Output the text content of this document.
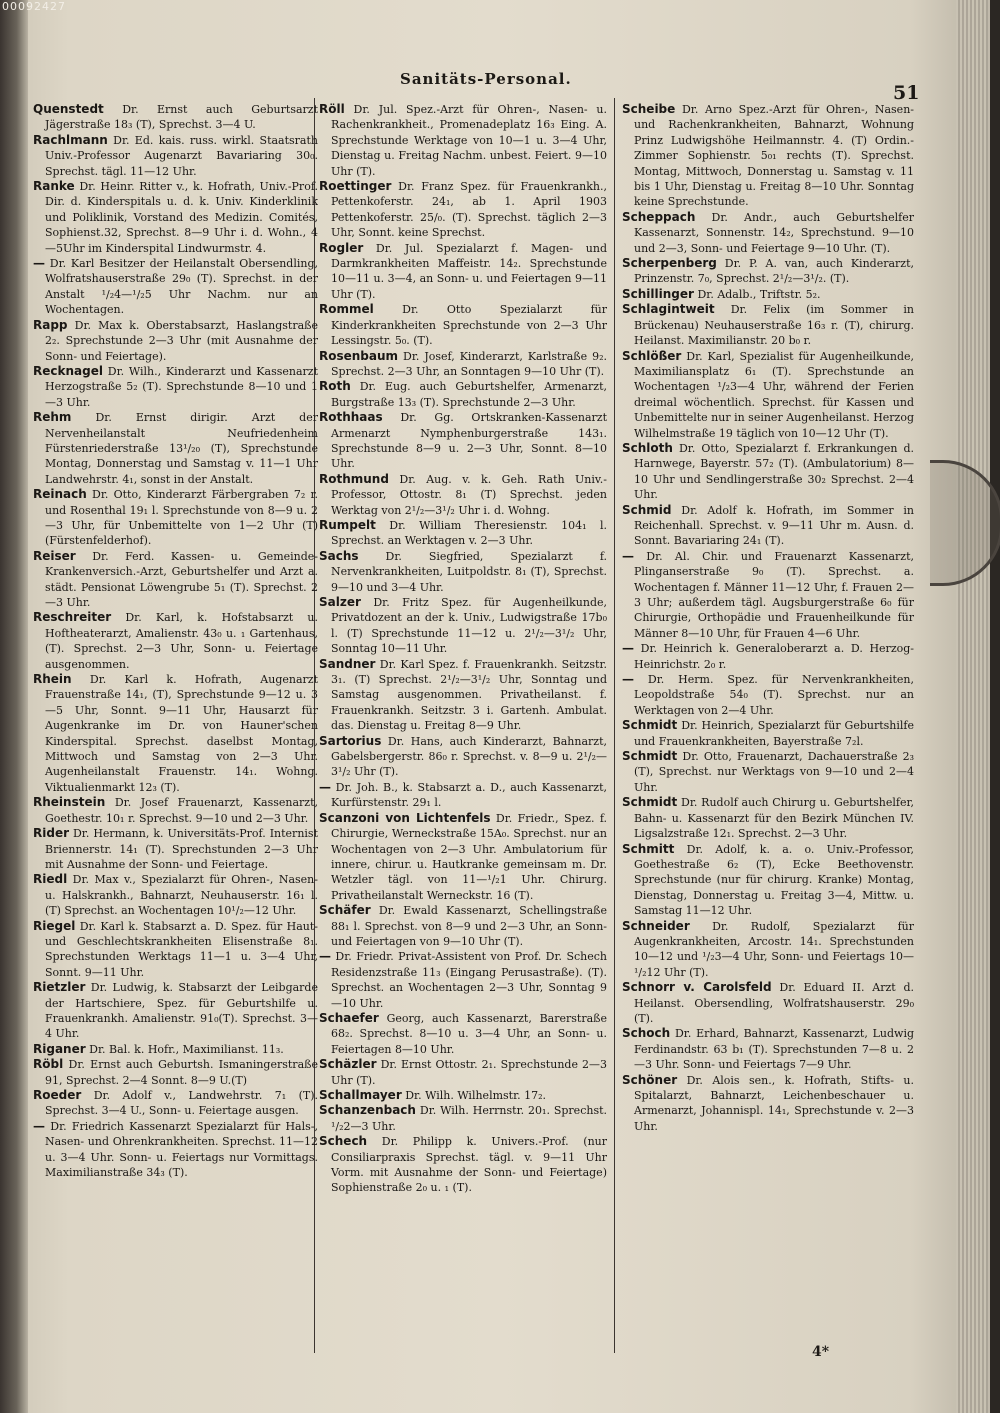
00092427
Sanitäts-Personal.
51
Quenstedt Dr. Ernst auch Geburtsarzt Jägerstraße 18₃ (T), Sprechst. 3—4 U.
Rachlmann Dr. Ed. kais. russ. wirkl. Staatsrath Univ.-Professor Augenarzt Bavariaring 30₀. Sprechst. tägl. 11—12 Uhr.
Ranke Dr. Heinr. Ritter v., k. Hofrath, Univ.-Prof. Dir. d. Kinderspitals u. d. k. Univ. Kinderklinik und Poliklinik, Vorstand des Medizin. Comités, Sophienst.32, Sprechst. 8—9 Uhr i. d. Wohn., 4—5Uhr im Kinderspital Lindwurmstr. 4.
— Dr. Karl Besitzer der Heilanstalt Obersendling, Wolfratshauserstraße 29₀ (T). Sprechst. in der Anstalt ¹/₂4—¹/₂5 Uhr Nachm. nur an Wochentagen.
Rapp Dr. Max k. Oberstabsarzt, Haslangstraße 2₂. Sprechstunde 2—3 Uhr (mit Ausnahme der Sonn- und Feiertage).
Recknagel Dr. Wilh., Kinderarzt und Kassenarzt Herzogstraße 5₂ (T). Sprechstunde 8—10 und 1—3 Uhr.
Rehm Dr. Ernst dirigir. Arzt der Nervenheilanstalt Neufriedenheim Fürstenriederstraße 13¹/₂₀ (T), Sprechstunde Montag, Donnerstag und Samstag v. 11—1 Uhr Landwehrstr. 4₁, sonst in der Anstalt.
Reinach Dr. Otto, Kinderarzt Färbergraben 7₂ r. und Rosenthal 19₁ l. Sprechstunde von 8—9 u. 2—3 Uhr, für Unbemittelte von 1—2 Uhr (T) (Fürstenfelderhof).
Reiser Dr. Ferd. Kassen- u. Gemeinde-Krankenversich.-Arzt, Geburtshelfer und Arzt a. städt. Pensionat Löwengrube 5₁ (T). Sprechst. 2—3 Uhr.
Reschreiter Dr. Karl, k. Hofstabsarzt u. Hoftheaterarzt, Amalienstr. 43₀ u. ₁ Gartenhaus, (T). Sprechst. 2—3 Uhr, Sonn- u. Feiertage ausgenommen.
Rhein Dr. Karl k. Hofrath, Augenarzt Frauenstraße 14₁, (T), Sprechstunde 9—12 u. 3—5 Uhr, Sonnt. 9—11 Uhr, Hausarzt für Augenkranke im Dr. von Hauner'schen Kinderspital. Sprechst. daselbst Montag, Mittwoch und Samstag von 2—3 Uhr. Augenheilanstalt Frauenstr. 14₁. Wohng. Viktualienmarkt 12₃ (T).
Rheinstein Dr. Josef Frauenarzt, Kassenarzt, Goethestr. 10₁ r. Sprechst. 9—10 und 2—3 Uhr.
Ri̇der Dr. Hermann, k. Universitäts-Prof. Internist Briennerstr. 14₁ (T). Sprechstunden 2—3 Uhr mit Ausnahme der Sonn- und Feiertage.
Riedl Dr. Max v., Spezialarzt für Ohren-, Nasen- u. Halskrankh., Bahnarzt, Neuhauserstr. 16₁ l. (T) Sprechst. an Wochentagen 10¹/₂—12 Uhr.
Riegel Dr. Karl k. Stabsarzt a. D. Spez. für Haut- und Geschlechtskrankheiten Elisenstraße 8₁. Sprechstunden Werktags 11—1 u. 3—4 Uhr, Sonnt. 9—11 Uhr.
Rietzler Dr. Ludwig, k. Stabsarzt der Leibgarde der Hartschiere, Spez. für Geburtshilfe u. Frauenkrankh. Amalienstr. 91₀(T). Sprechst. 3—4 Uhr.
Riganer Dr. Bal. k. Hofr., Maximilianst. 11₃.
Röbl Dr. Ernst auch Geburtsh. Ismaningerstraße 91, Sprechst. 2—4 Sonnt. 8—9 U.(T)
Roeder Dr. Adolf v., Landwehrstr. 7₁ (T). Sprechst. 3—4 U., Sonn- u. Feiertage ausgen.
— Dr. Friedrich Kassenarzt Spezialarzt für Hals-, Nasen- und Ohrenkrankheiten. Sprechst. 11—12 u. 3—4 Uhr. Sonn- u. Feiertags nur Vormittags. Maximilianstraße 34₃ (T).
Röll Dr. Jul. Spez.-Arzt für Ohren-, Nasen- u. Rachenkrankheit., Promenadeplatz 16₃ Eing. A. Sprechstunde Werktage von 10—1 u. 3—4 Uhr, Dienstag u. Freitag Nachm. unbest. Feiert. 9—10 Uhr (T).
Roettinger Dr. Franz Spez. für Frauenkrankh., Pettenkoferstr. 24₁, ab 1. April 1903 Pettenkoferstr. 25/₀. (T). Sprechst. täglich 2—3 Uhr, Sonnt. keine Sprechst.
Rogler Dr. Jul. Spezialarzt f. Magen- und Darmkrankheiten Maffeistr. 14₂. Sprechstunde 10—11 u. 3—4, an Sonn- u. und Feiertagen 9—11 Uhr (T).
Rommel	Dr. Otto Spezialarzt für Kinderkrankheiten Sprechstunde von 2—3 Uhr Lessingstr. 5₀. (T).
Rosenbaum Dr. Josef, Kinderarzt, Karlstraße 9₂. Sprechst. 2—3 Uhr, an Sonntagen 9—10 Uhr (T).
Roth Dr. Eug. auch Geburtshelfer, Armenarzt, Burgstraße 13₃ (T). Sprechstunde 2—3 Uhr.
Rothhaas Dr. Gg. Ortskranken-Kassenarzt Armenarzt Nymphenburgerstraße 143₁. Sprechstunde 8—9 u. 2—3 Uhr, Sonnt. 8—10 Uhr.
Rothmund Dr. Aug. v. k. Geh. Rath Univ.-Professor, Ottostr. 8₁ (T) Sprechst. jeden Werktag von 2¹/₂—3¹/₂ Uhr i. d. Wohng.
Rumpelt Dr. William Theresienstr. 104₁ l. Sprechst. an Werktagen v. 2—3 Uhr.
Sachs Dr. Siegfried, Spezialarzt f. Nervenkrankheiten, Luitpoldstr. 8₁ (T), Sprechst. 9—10 und 3—4 Uhr.
Salzer Dr. Fritz Spez. für Augenheilkunde, Privatdozent an der k. Univ., Ludwigstraße 17b₀ l. (T) Sprechstunde 11—12 u. 2¹/₂—3¹/₂ Uhr, Sonntag 10—11 Uhr.
Sandner Dr. Karl Spez. f. Frauenkrankh. Seitzstr. 3₁. (T) Sprechst. 2¹/₂—3¹/₂ Uhr, Sonntag und Samstag ausgenommen. Privatheilanst. f. Frauenkrankh. Seitzstr. 3 i. Gartenh. Ambulat. das. Dienstag u. Freitag 8—9 Uhr.
Sartorius Dr. Hans, auch Kinderarzt, Bahnarzt, Gabelsbergerstr. 86₀ r. Sprechst. v. 8—9 u. 2¹/₂—3¹/₂ Uhr (T).
— Dr. Joh. B., k. Stabsarzt a. D., auch Kassenarzt, Kurfürstenstr. 29₁ l.
Scanzoni von Lichtenfels Dr. Friedr., Spez. f. Chirurgie, Werneckstraße 15A₀. Sprechst. nur an Wochentagen von 2—3 Uhr. Ambulatorium für innere, chirur. u. Hautkranke gemeinsam m. Dr. Wetzler tägl. von 11—¹/₂1 Uhr. Chirurg. Privatheilanstalt Werneckstr. 16 (T).
Schäfer Dr. Ewald Kassenarzt, Schellingstraße 88₁ l. Sprechst. von 8—9 und 2—3 Uhr, an Sonn- und Feiertagen von 9—10 Uhr (T).
— Dr. Friedr. Privat-Assistent von Prof. Dr. Schech Residenzstraße 11₃ (Eingang Perusastraße). (T). Sprechst. an Wochentagen 2—3 Uhr, Sonntag 9—10 Uhr.
Schaefer Georg, auch Kassenarzt, Barerstraße 68₂. Sprechst. 8—10 u. 3—4 Uhr, an Sonn- u. Feiertagen 8—10 Uhr.
Schäzler Dr. Ernst Ottostr. 2₁. Sprechstunde 2—3 Uhr (T).
Schallmayer Dr. Wilh. Wilhelmstr. 17₂.
Schanzenbach Dr. Wilh. Herrnstr. 20₁. Sprechst. ¹/₂2—3 Uhr.
Schech Dr. Philipp k. Univers.-Prof. (nur Consiliarpraxis Sprechst. tägl. v. 9—11 Uhr Vorm. mit Ausnahme der Sonn- und Feiertage) Sophienstraße 2₀ u. ₁ (T).
Scheibe Dr. Arno Spez.-Arzt für Ohren-, Nasen- und Rachenkrankheiten, Bahnarzt, Wohnung Prinz Ludwigshöhe Heilmannstr. 4. (T) Ordin.-Zimmer Sophienstr. 5₀₁ rechts (T). Sprechst. Montag, Mittwoch, Donnerstag u. Samstag v. 11 bis 1 Uhr, Dienstag u. Freitag 8—10 Uhr. Sonntag keine Sprechstunde.
Scheppach Dr. Andr., auch Geburtshelfer Kassenarzt, Sonnenstr. 14₂, Sprechstund. 9—10 und 2—3, Sonn- und Feiertage 9—10 Uhr. (T).
Scherpenberg Dr. P. A. van, auch Kinderarzt, Prinzenstr. 7₀, Sprechst. 2¹/₂—3¹/₂. (T).
Schillinger Dr. Adalb., Triftstr. 5₂.
Schlagintweit Dr. Felix (im Sommer in Brückenau) Neuhauserstraße 16₃ r. (T), chirurg. Heilanst. Maximilianstr. 20 b₀ r.
Schlößer Dr. Karl, Spezialist für Augenheilkunde, Maximiliansplatz 6₁ (T). Sprechstunde an Wochentagen ¹/₂3—4 Uhr, während der Ferien dreimal wöchentlich. Sprechst. für Kassen und Unbemittelte nur in seiner Augenheilanst. Herzog Wilhelmstraße 19 täglich von 10—12 Uhr (T).
Schloth Dr. Otto, Spezialarzt f. Erkrankungen d. Harnwege, Bayerstr. 57₂ (T). (Ambulatorium) 8—10 Uhr und Sendlingerstraße 30₂ Sprechst. 2—4 Uhr.
Schmid Dr. Adolf k. Hofrath, im Sommer in Reichenhall. Sprechst. v. 9—11 Uhr m. Ausn. d. Sonnt. Bavariaring 24₁ (T).
— Dr. Al. Chir. und Frauenarzt Kassenarzt, Plinganserstraße 9₀ (T). Sprechst. a. Wochentagen f. Männer 11—12 Uhr, f. Frauen 2—3 Uhr; außerdem tägl. Augsburgerstraße 6₀ für Chirurgie, Orthopädie und Frauenheilkunde für Männer 8—10 Uhr, für Frauen 4—6 Uhr.
— Dr. Heinrich k. Generaloberarzt a. D. Herzog-Heinrichstr. 2₀ r.
— Dr. Herm. Spez. für Nervenkrankheiten, Leopoldstraße 54₀ (T). Sprechst. nur an Werktagen von 2—4 Uhr.
Schmidt Dr. Heinrich, Spezialarzt für Geburtshilfe und Frauenkrankheiten, Bayerstraße 7₂l.
Schmidt Dr. Otto, Frauenarzt, Dachauerstraße 2₃ (T), Sprechst. nur Werktags von 9—10 und 2—4 Uhr.
Schmidt Dr. Rudolf auch Chirurg u. Geburtshelfer, Bahn- u. Kassenarzt für den Bezirk München IV. Ligsalzstraße 12₁. Sprechst. 2—3 Uhr.
Schmitt Dr. Adolf, k. a. o. Univ.-Professor, Goethestraße 6₂ (T), Ecke Beethovenstr. Sprechstunde (nur für chirurg. Kranke) Montag, Dienstag, Donnerstag u. Freitag 3—4, Mittw. u. Samstag 11—12 Uhr.
Schneider Dr. Rudolf, Spezialarzt für Augenkrankheiten, Arcostr. 14₁. Sprechstunden 10—12 und ¹/₂3—4 Uhr, Sonn- und Feiertags 10—¹/₂12 Uhr (T).
Schnorr v. Carolsfeld Dr. Eduard II. Arzt d. Heilanst. Obersendling, Wolfratshauserstr. 29₀ (T).
Schoch Dr. Erhard, Bahnarzt, Kassenarzt, Ludwig Ferdinandstr. 63 b₁ (T). Sprechstunden 7—8 u. 2—3 Uhr. Sonn- und Feiertags 7—9 Uhr.
Schöner Dr. Alois sen., k. Hofrath, Stifts- u. Spitalarzt, Bahnarzt, Leichenbeschauer u. Armenarzt, Johannispl. 14₁, Sprechstunde v. 2—3 Uhr.
4*
